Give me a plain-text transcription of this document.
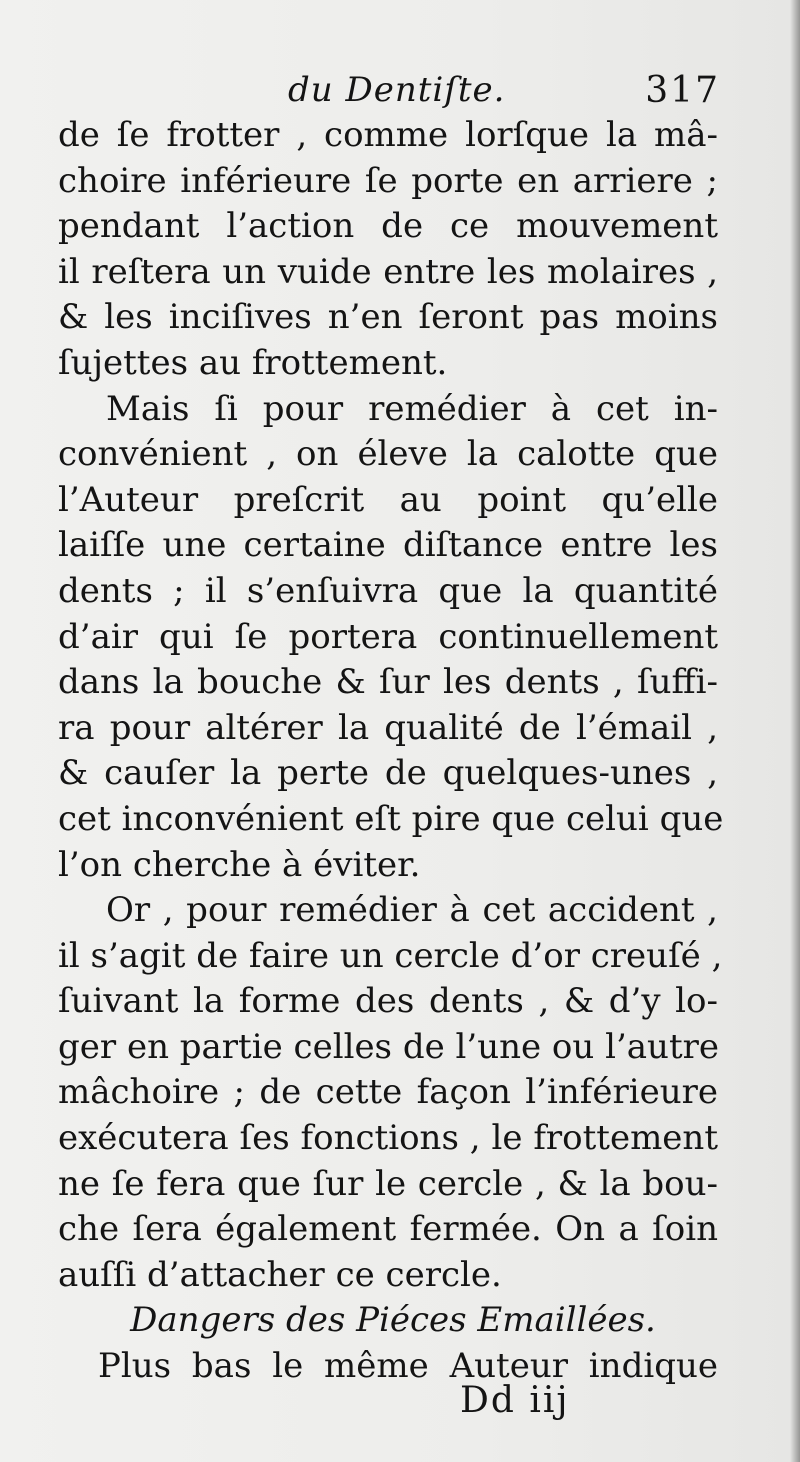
du Dentiſte.	317
de ſe frotter , comme lorſque la mâ-
choire inférieure ſe porte en arriere ;
pendant l’action de ce mouvement
il reſtera un vuide entre les molaires ,
& les inciſives n’en ſeront pas moins
ſujettes au frottement.
Mais ſi pour remédier à cet in-
convénient , on éleve la calotte que
l’Auteur preſcrit au point qu’elle
laiſſe une certaine diſtance entre les
dents ; il s’enſuivra que la quantité
d’air qui ſe portera continuellement
dans la bouche & ſur les dents , ſuffi-
ra pour altérer la qualité de l’émail ,
& cauſer la perte de quelques-unes ,
cet inconvénient eſt pire que celui que
l’on cherche à éviter.
Or , pour remédier à cet accident ,
il s’agit de faire un cercle d’or creuſé ,
ſuivant la forme des dents , & d’y lo-
ger en partie celles de l’une ou l’autre
mâchoire ; de cette façon l’inférieure
exécutera ſes fonctions , le frottement
ne ſe fera que ſur le cercle , & la bou-
che ſera également fermée. On a ſoin
auſſi d’attacher ce cercle.
Dangers des Piéces Emaillées.
Plus bas le même Auteur indique
Dd iij
